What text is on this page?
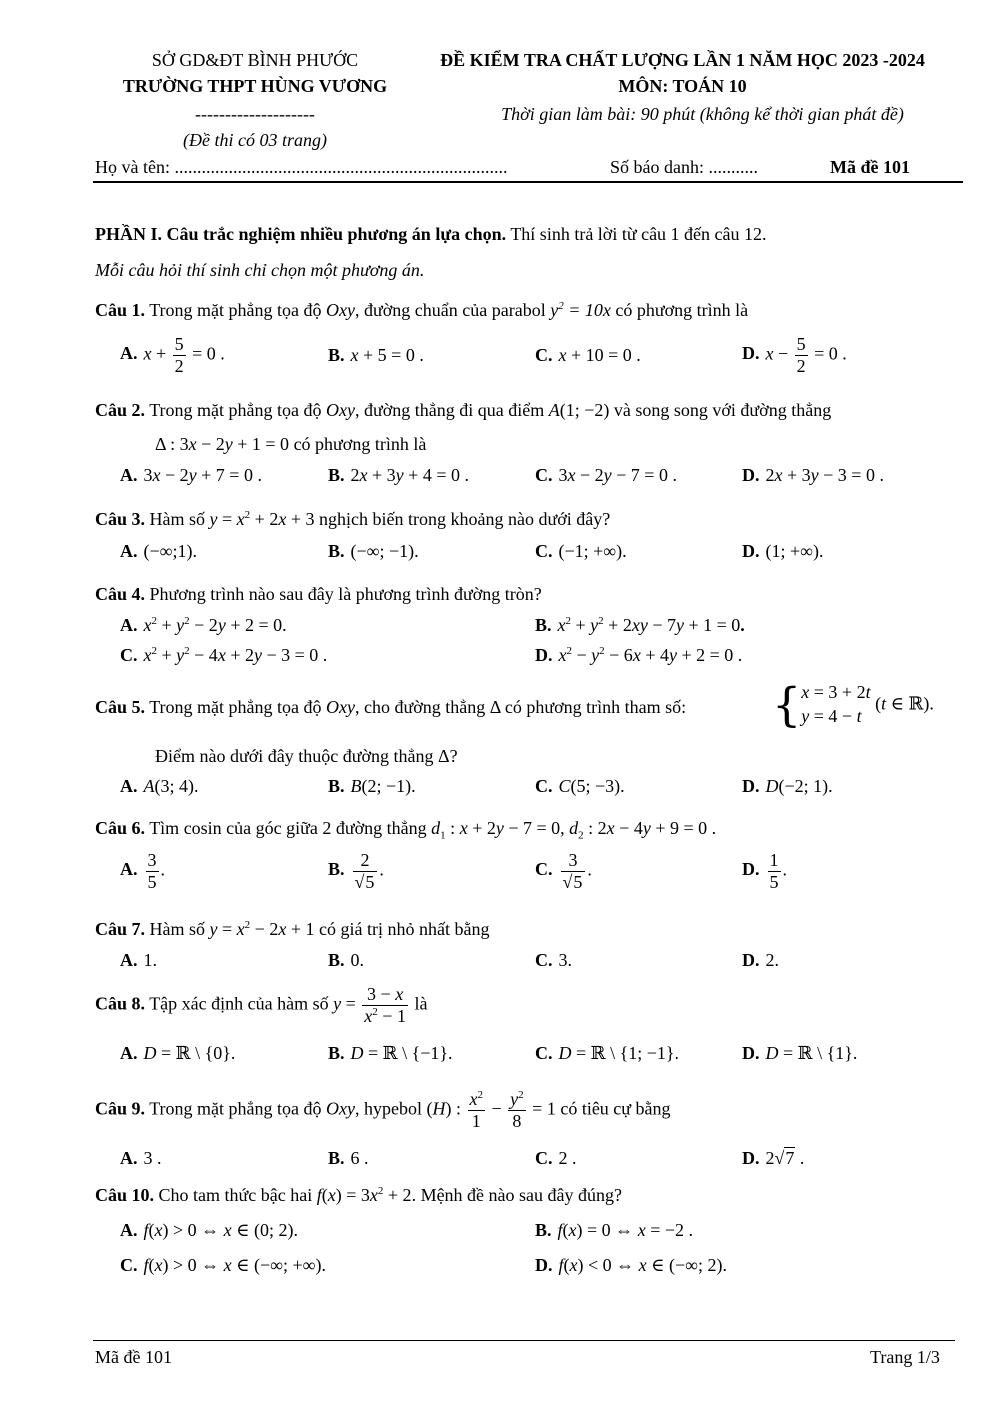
SỞ GD&ĐT BÌNH PHƯỚC
TRƯỜNG THPT HÙNG VƯƠNG
--------------------
(Đề thi có 03 trang)
ĐỀ KIỂM TRA CHẤT LƯỢNG LẦN 1 NĂM HỌC 2023 -2024
MÔN: TOÁN 10
Thời gian làm bài: 90 phút (không kể thời gian phát đề)
Họ và tên: ..........................................................................	Số báo danh: ...........	Mã đề 101
PHẦN I. Câu trắc nghiệm nhiều phương án lựa chọn. Thí sinh trả lời từ câu 1 đến câu 12.
Mỗi câu hỏi thí sinh chỉ chọn một phương án.
Câu 1. Trong mặt phẳng tọa độ Oxy, đường chuẩn của parabol $y^2 = 10x$ có phương trình là
A. $x + \frac{5}{2} = 0$ .	B. x + 5 = 0 .	C. x + 10 = 0 .	D. $x - \frac{5}{2} = 0$ .
Câu 2. Trong mặt phẳng tọa độ Oxy, đường thẳng đi qua điểm A(1; −2) và song song với đường thẳng
Δ : 3x − 2y + 1 = 0 có phương trình là
A. 3x − 2y + 7 = 0 .	B. 2x + 3y + 4 = 0 .	C. 3x − 2y − 7 = 0 .	D. 2x + 3y − 3 = 0 .
Câu 3. Hàm số $y = x^2 + 2x + 3$ nghịch biến trong khoảng nào dưới đây?
A. (−∞;1).	B. (−∞; −1).	C. (−1; +∞).	D. (1; +∞).
Câu 4. Phương trình nào sau đây là phương trình đường tròn?
A. $x^2 + y^2 - 2y + 2 = 0$.	B. $x^2 + y^2 + 2xy - 7y + 1 = 0$.
C. $x^2 + y^2 - 4x + 2y - 3 = 0$ .	D. $x^2 - y^2 - 6x + 4y + 2 = 0$ .
Câu 5. Trong mặt phẳng tọa độ Oxy, cho đường thẳng Δ có phương trình tham số: {x = 3 + 2t
y = 4 − t (t ∈ ℝ).
Điểm nào dưới đây thuộc đường thẳng Δ?
A. A(3; 4).	B. B(2; −1).	C. C(5; −3).	D. D(−2; 1).
Câu 6. Tìm cosin của góc giữa 2 đường thẳng $d_1$ : x + 2y − 7 = 0, $d_2$ : 2x − 4y + 9 = 0 .
A. $\frac{3}{5}$ .	B. $\frac{2}{√5}$ .	C. $\frac{3}{√5}$ .	D. $\frac{1}{5}$ .
Câu 7. Hàm số $y = x^2 - 2x + 1$ có giá trị nhỏ nhất bằng
A. 1.	B. 0.	C. 3.	D. 2.
Câu 8. Tập xác định của hàm số $y = \frac{3 - x}{x^2 - 1}$ là
A. D = ℝ \ {0}.	B. D = ℝ \ {−1}.	C. D = ℝ \ {1; −1}.	D. D = ℝ \ {1}.
Câu 9. Trong mặt phẳng tọa độ Oxy, hypebol (H) : $\frac{x^2}{1} - \frac{y^2}{8} = 1$ có tiêu cự bằng
A. 3 .	B. 6 .	C. 2 .	D. 2√7 .
Câu 10. Cho tam thức bậc hai $f(x) = 3x^2 + 2$. Mệnh đề nào sau đây đúng?
A. f(x) > 0 ⇔ x ∈ (0; 2).	B. f(x) = 0 ⇔ x = −2 .
C. f(x) > 0 ⇔ x ∈ (−∞; +∞).	D. f(x) < 0 ⇔ x ∈ (−∞; 2).
Mã đề 101	Trang 1/3
